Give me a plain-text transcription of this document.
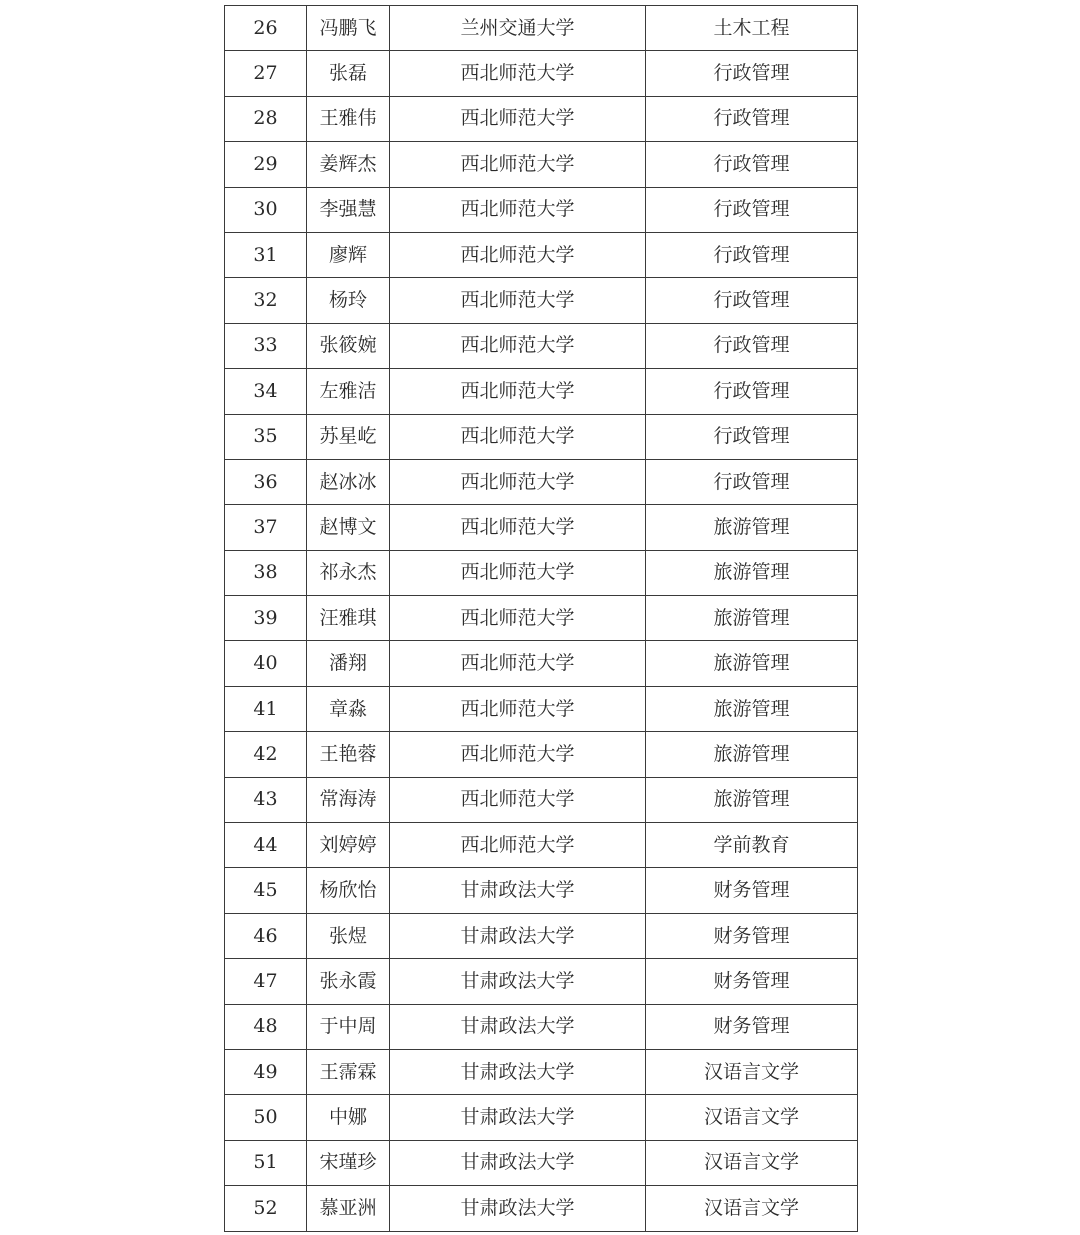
26	冯鹏飞	兰州交通大学	土木工程
27	张磊	西北师范大学	行政管理
28	王雅伟	西北师范大学	行政管理
29	姜辉杰	西北师范大学	行政管理
30	李强慧	西北师范大学	行政管理
31	廖辉	西北师范大学	行政管理
32	杨玲	西北师范大学	行政管理
33	张筱婉	西北师范大学	行政管理
34	左雅洁	西北师范大学	行政管理
35	苏星屹	西北师范大学	行政管理
36	赵冰冰	西北师范大学	行政管理
37	赵博文	西北师范大学	旅游管理
38	祁永杰	西北师范大学	旅游管理
39	汪雅琪	西北师范大学	旅游管理
40	潘翔	西北师范大学	旅游管理
41	章淼	西北师范大学	旅游管理
42	王艳蓉	西北师范大学	旅游管理
43	常海涛	西北师范大学	旅游管理
44	刘婷婷	西北师范大学	学前教育
45	杨欣怡	甘肃政法大学	财务管理
46	张煜	甘肃政法大学	财务管理
47	张永霞	甘肃政法大学	财务管理
48	于中周	甘肃政法大学	财务管理
49	王霈霖	甘肃政法大学	汉语言文学
50	中娜	甘肃政法大学	汉语言文学
51	宋瑾珍	甘肃政法大学	汉语言文学
52	慕亚洲	甘肃政法大学	汉语言文学
